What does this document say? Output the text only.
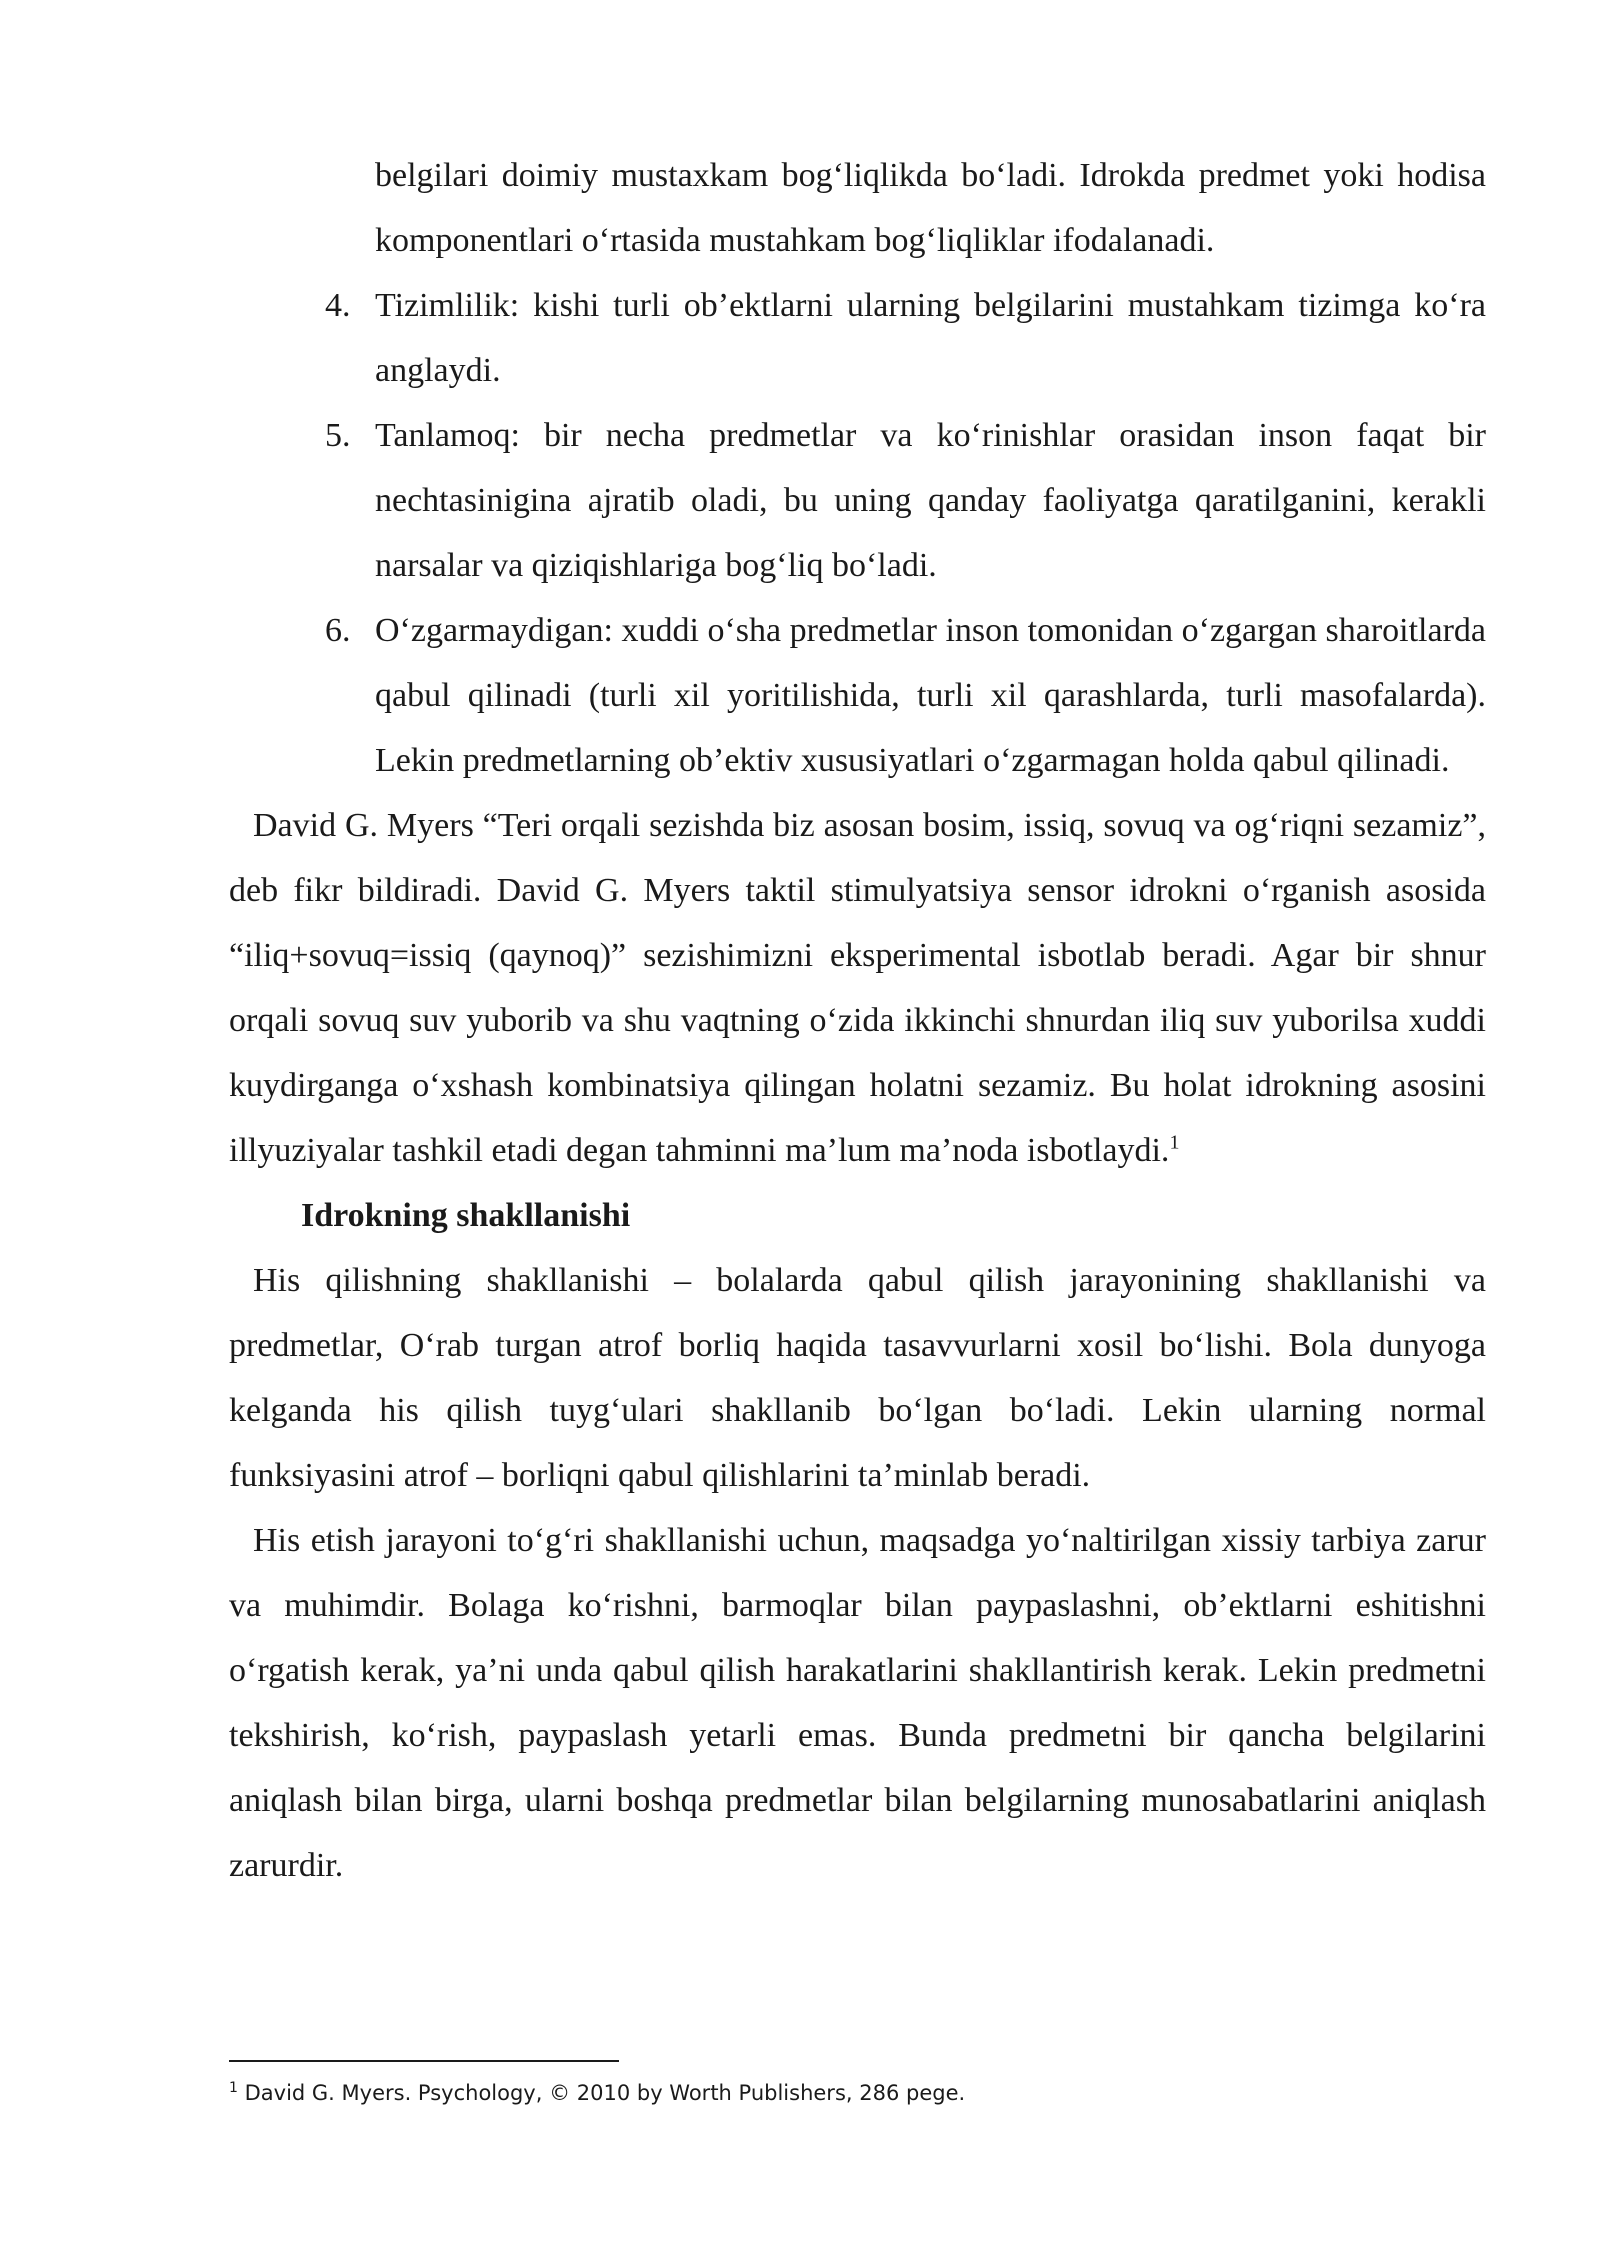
belgilari doimiy mustaxkam bog‘liqlikda bo‘ladi. Idrokda predmet yoki hodisa komponentlari o‘rtasida mustahkam bog‘liqliklar ifodalanadi.

4. Tizimlilik: kishi turli ob’ektlarni ularning belgilarini mustahkam tizimga ko‘ra anglaydi.
5. Tanlamoq: bir necha predmetlar va ko‘rinishlar orasidan inson faqat bir nechtasinigina ajratib oladi, bu uning qanday faoliyatga qaratilganini, kerakli narsalar va qiziqishlariga bog‘liq bo‘ladi.
6. O‘zgarmaydigan: xuddi o‘sha predmetlar inson tomonidan o‘zgargan sharoitlarda qabul qilinadi (turli xil yoritilishida, turli xil qarashlarda, turli masofalarda). Lekin predmetlarning ob’ektiv xususiyatlari o‘zgarmagan holda qabul qilinadi.

David G. Myers “Teri orqali sezishda biz asosan bosim, issiq, sovuq va og‘riqni sezamiz”, deb fikr bildiradi. David G. Myers taktil stimulyatsiya sensor idrokni o‘rganish asosida “iliq+sovuq=issiq (qaynoq)” sezishimizni eksperimental isbotlab beradi. Agar bir shnur orqali sovuq suv yuborib va shu vaqtning o‘zida ikkinchi shnurdan iliq suv yuborilsa xuddi kuydirganga o‘xshash kombinatsiya qilingan holatni sezamiz. Bu holat idrokning asosini illyuziyalar tashkil etadi degan tahminni ma’lum ma’noda isbotlaydi.$^1$

Idrokning shakllanishi

His qilishning shakllanishi – bolalarda qabul qilish jarayonining shakllanishi va predmetlar, O‘rab turgan atrof borliq haqida tasavvurlarni xosil bo‘lishi. Bola dunyoga kelganda his qilish tuyg‘ulari shakllanib bo‘lgan bo‘ladi. Lekin ularning normal funksiyasini atrof – borliqni qabul qilishlarini ta’minlab beradi.

His etish jarayoni to‘g‘ri shakllanishi uchun, maqsadga yo‘naltirilgan xissiy tarbiya zarur va muhimdir. Bolaga ko‘rishni, barmoqlar bilan paypaslashni, ob’ektlarni eshitishni o‘rgatish kerak, ya’ni unda qabul qilish harakatlarini shakllantirish kerak. Lekin predmetni tekshirish, ko‘rish, paypaslash yetarli emas. Bunda predmetni bir qancha belgilarini aniqlash bilan birga, ularni boshqa predmetlar bilan belgilarning munosabatlarini aniqlash zarurdir.

$^1$ David G. Myers. Psychology, © 2010 by Worth Publishers, 286 pege.
